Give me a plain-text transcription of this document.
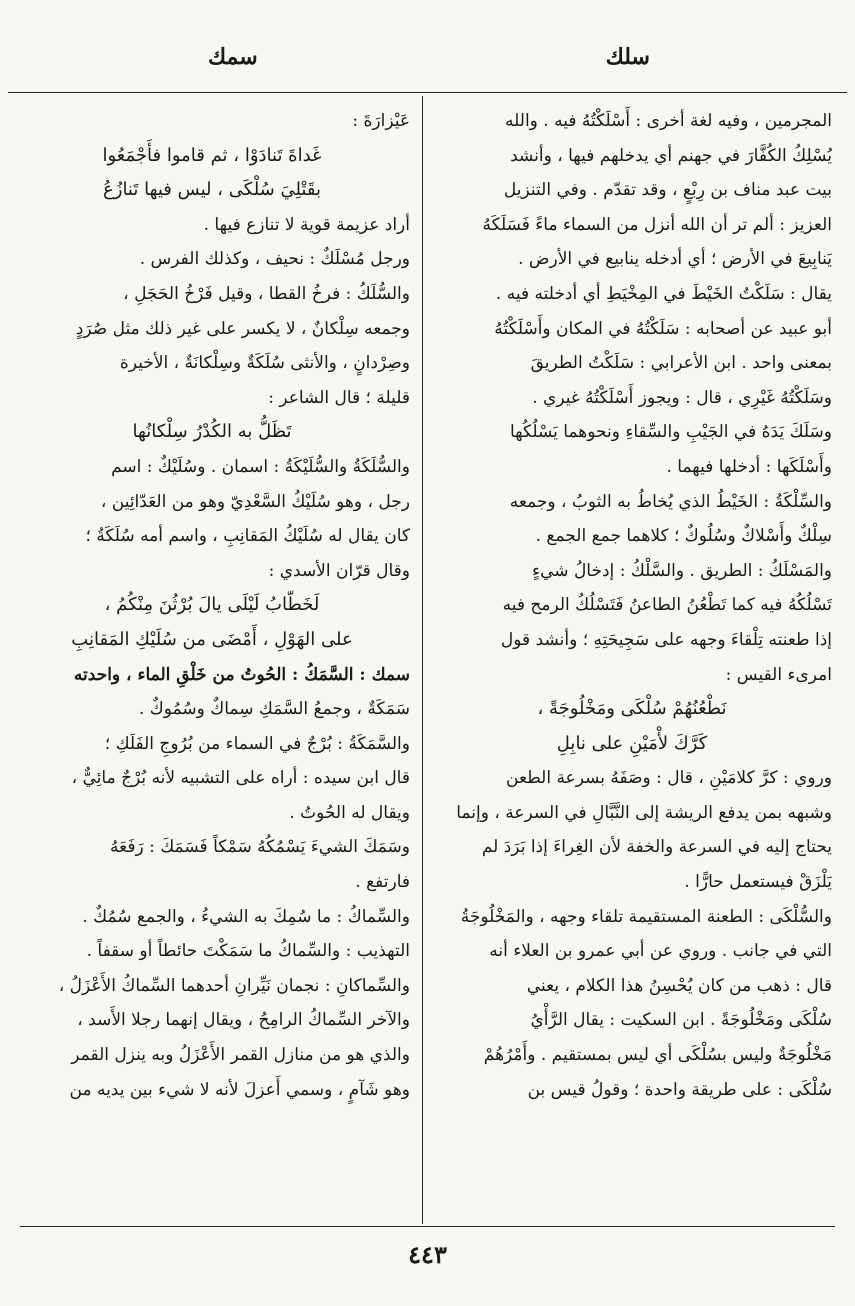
سلك
سمك
المجرمين ، وفيه لغة أخرى : أَسْلَكْتُهُ فيه . والله
يُسْلِكُ الكُفَّارَ في جهنم أي يدخلهم فيها ، وأنشد
بيت عبد مناف بن رِبْعٍ ، وقد تقدّم . وفي التنزيل
العزيز : ألم تر أن الله أنزل من السماء ماءً فَسَلَكَهُ
يَنابِيعَ في الأرض ؛ أي أدخله ينابيع في الأرض .
يقال : سَلَكْتُ الخَيْطَ في المِخْيَطِ أي أدخلته فيه .
أبو عبيد عن أصحابه : سَلَكْتُهُ في المكان وأَسْلَكْتُهُ
بمعنى واحد . ابن الأعرابي : سَلَكْتُ الطريقَ
وسَلَكْتُهُ غَيْرِي ، قال : ويجوز أَسْلَكْتُهُ غيري .
وسَلَكَ يَدَهُ في الجَيْبِ والسِّقاءِ ونحوهما يَسْلُكُها
وأَسْلَكَها : أدخلها فيهما .
والسِّلْكَةُ : الخَيْطُ الذي يُخاطُ به الثوبُ ، وجمعه
سِلْكٌ وأَسْلاكٌ وسُلُوكٌ ؛ كلاهما جمع الجمع .
والمَسْلَكُ : الطريق . والسَّلْكُ : إدخالُ شيءٍ
تَسْلُكُهُ فيه كما تَطْعُنُ الطاعنُ فَتَسْلُكُ الرمح فيه
إذا طعنته تِلْقاءَ وجهه على سَجِيحَتِهِ ؛ وأنشد قول
امرىء القيس :
نَطْعُنُهُمْ سُلْكَى ومَخْلُوجَةً ،
كَرَّكَ لأْمَيْنِ على نابِلِ
وروي : كرَّ كلامَيْنِ ، قال : وصَفَهُ بسرعة الطعن
وشبهه بمن يدفع الريشة إلى النَّبَّالِ في السرعة ، وإنما
يحتاج إليه في السرعة والخفة لأن الغِراءَ إذا بَرَدَ لم
يَلْزَقْ فيستعمل حارًّا .
والسُّلْكَى : الطعنة المستقيمة تلقاء وجهه ، والمَخْلُوجَةُ
التي في جانب . وروي عن أبي عمرو بن العلاء أنه
قال : ذهب من كان يُحْسِنُ هذا الكلام ، يعني
سُلْكَى ومَخْلُوجَةً . ابن السكيت : يقال الرَّأْيُ
مَخْلُوجَةٌ وليس بسُلْكَى أي ليس بمستقيم . وأَمْرُهُمْ
سُلْكَى : على طريقة واحدة ؛ وقولُ قيس بن
عَيْزارَةَ :
غَداةَ تَنادَوْا ، ثم قاموا فأَجْمَعُوا
بقَتْلِيَ سُلْكَى ، ليس فيها تَنازُعُ
أراد عزيمة قوية لا تنازع فيها .
ورجل مُسْلَكٌ : نحيف ، وكذلك الفرس .
والسُّلَكُ : فرخُ القطا ، وقيل فَرْخُ الحَجَلِ ،
وجمعه سِلْكانٌ ، لا يكسر على غير ذلك مثل صُرَدٍ
وصِرْدانٍ ، والأنثى سُلَكَةٌ وسِلْكانَةٌ ، الأخيرة
قليلة ؛ قال الشاعر :
تَظَلُّ به الكُدْرُ سِلْكانُها
والسُّلَكَةُ والسُّلَيْكَةُ : اسمان . وسُلَيْكٌ : اسم
رجل ، وهو سُلَيْكُ السَّعْدِيّ وهو من العَدّائِين ،
كان يقال له سُلَيْكُ المَقانِبِ ، واسم أمه سُلَكَةُ ؛
وقال قرّان الأسدي :
لَخَطّابُ لَيْلَى يالَ بُرْثُنَ مِنْكُمُ ،
على الهَوْلِ ، أَمْضَى من سُلَيْكِ المَقانِبِ
سمك : السَّمَكُ : الحُوتُ من خَلْقِ الماء ، واحدته
سَمَكَةٌ ، وجمعُ السَّمَكِ سِماكٌ وسُمُوكٌ .
والسَّمَكَةُ : بُرْجٌ في السماء من بُرُوجِ الفَلَكِ ؛
قال ابن سيده : أراه على التشبيه لأنه بُرْجٌ مائِيٌّ ،
ويقال له الحُوتُ .
وسَمَكَ الشيءَ يَسْمُكُهُ سَمْكاً فَسَمَكَ : رَفَعَهُ
فارتفع .
والسِّماكُ : ما سُمِكَ به الشيءُ ، والجمع سُمُكٌ .
التهذيب : والسِّماكُ ما سَمَكْتَ حائطاً أو سقفاً .
والسِّماكانِ : نجمان نَيِّرانِ أحدهما السِّماكُ الأَعْزَلُ ،
والآخر السِّماكُ الرامِحُ ، ويقال إنهما رجلا الأَسد ،
والذي هو من منازل القمر الأَعْزَلُ وبه ينزل القمر
وهو شَآمٍ ، وسمي أَعزلَ لأنه لا شيء بين يديه من
٤٤٣
